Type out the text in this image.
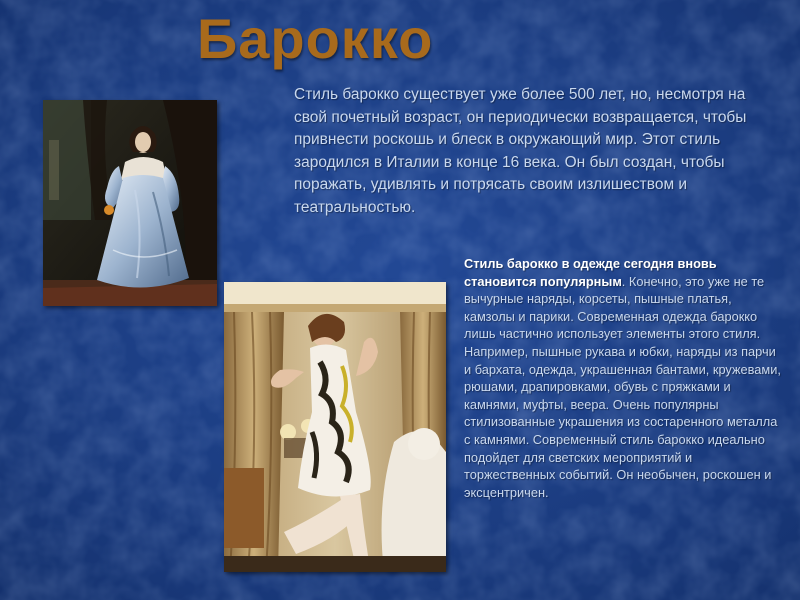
Барокко

Стиль барокко существует уже более 500 лет, но, несмотря на свой почетный возраст, он периодически возвращается, чтобы привнести роскошь и блеск в окружающий мир. Этот стиль зародился в Италии в конце 16 века. Он был создан, чтобы поражать, удивлять и потрясать своим излишеством и театральностью.

Стиль барокко в одежде сегодня вновь становится популярным. Конечно, это уже не те вычурные наряды, корсеты, пышные платья, камзолы и парики. Современная одежда барокко лишь частично использует элементы этого стиля. Например, пышные рукава и юбки, наряды из парчи и бархата, одежда, украшенная бантами, кружевами, рюшами, драпировками, обувь с пряжками и камнями, муфты, веера. Очень популярны стилизованные украшения из состаренного металла с камнями. Современный стиль барокко идеально подойдет для светских мероприятий и торжественных событий. Он необычен, роскошен и эксцентричен.
